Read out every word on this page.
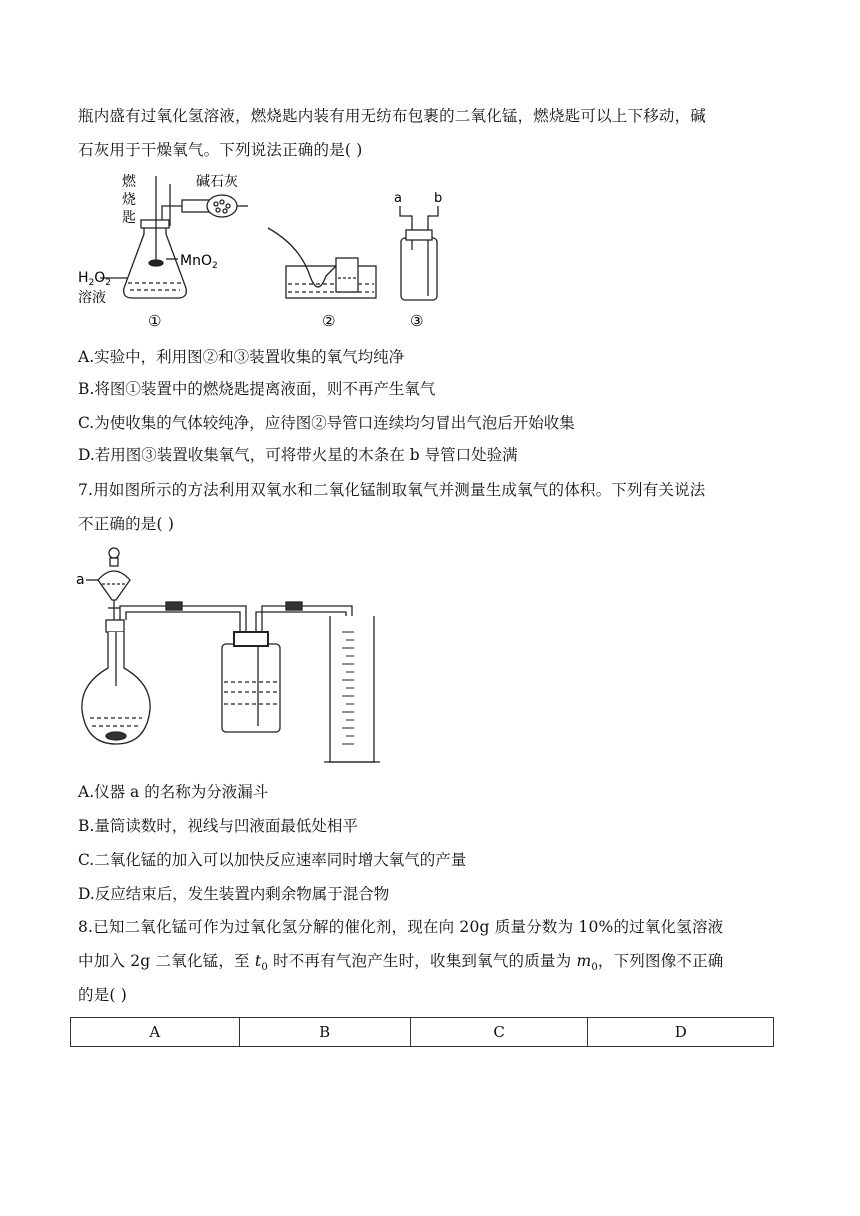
瓶内盛有过氧化氢溶液，燃烧匙内装有用无纺布包裹的二氧化锰，燃烧匙可以上下移动，碱
石灰用于干燥氧气。下列说法正确的是( )
燃
烧
匙
碱石灰
MnO$_2$
$H_2O_2$
溶液
①	②	③
a b
A.实验中，利用图②和③装置收集的氧气均纯净
B.将图①装置中的燃烧匙提离液面，则不再产生氧气
C.为使收集的气体较纯净，应待图②导管口连续均匀冒出气泡后开始收集
D.若用图③装置收集氧气，可将带火星的木条在 b 导管口处验满
7.用如图所示的方法利用双氧水和二氧化锰制取氧气并测量生成氧气的体积。下列有关说法
不正确的是( )
a
A.仪器 a 的名称为分液漏斗
B.量筒读数时，视线与凹液面最低处相平
C.二氧化锰的加入可以加快反应速率同时增大氧气的产量
D.反应结束后，发生装置内剩余物属于混合物
8.已知二氧化锰可作为过氧化氢分解的催化剂，现在向 20g 质量分数为 10%的过氧化氢溶液
中加入 2g 二氧化锰，至 $t_0$ 时不再有气泡产生时，收集到氧气的质量为 $m_0$，下列图像不正确
的是( )
A	B	C	D
